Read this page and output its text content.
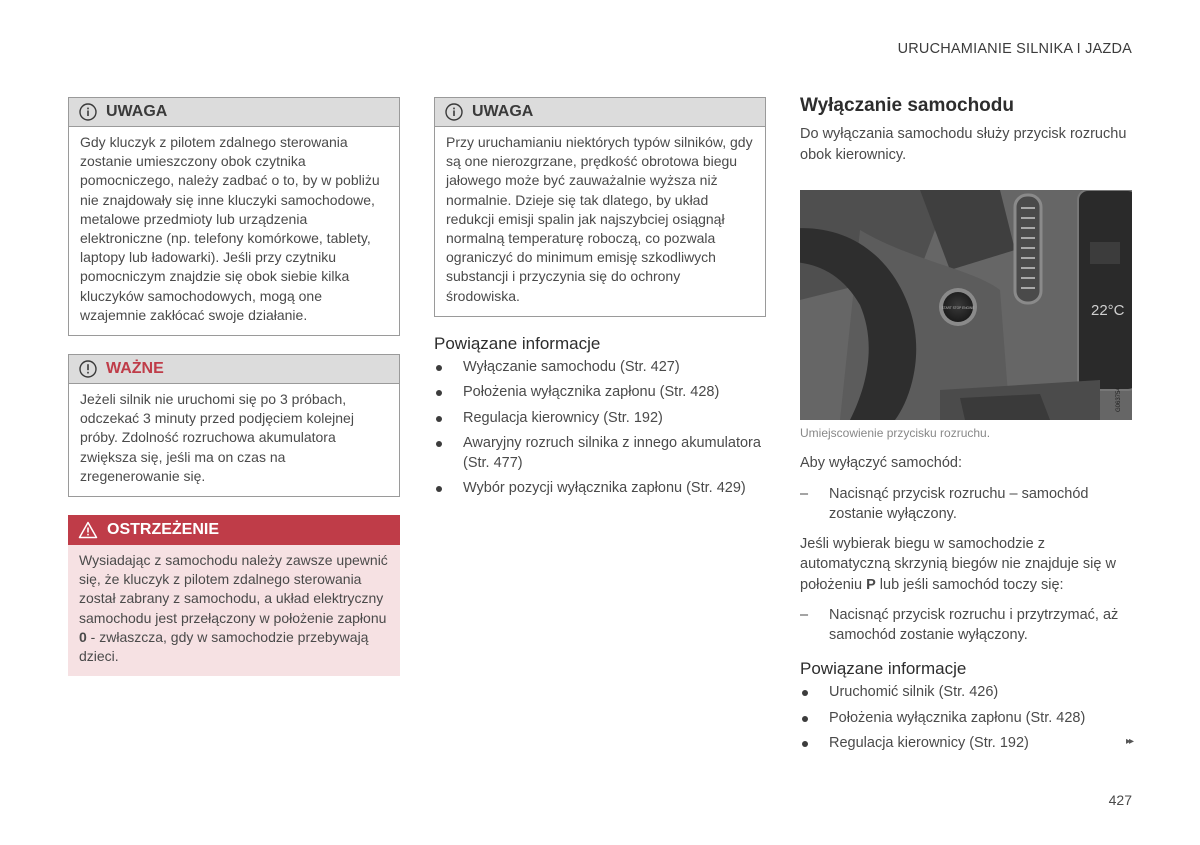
URUCHAMIANIE SILNIKA I JAZDA
UWAGA
Gdy kluczyk z pilotem zdalnego sterowania zostanie umieszczony obok czytnika pomocniczego, należy zadbać o to, by w pobliżu nie znajdowały się inne kluczyki samochodowe, metalowe przedmioty lub urządzenia elektroniczne (np. telefony komórkowe, tablety, laptopy lub ładowarki). Jeśli przy czytniku pomocniczym znajdzie się obok siebie kilka kluczyków samochodowych, mogą one wzajemnie zakłócać swoje działanie.
WAŻNE
Jeżeli silnik nie uruchomi się po 3 próbach, odczekać 3 minuty przed podjęciem kolejnej próby. Zdolność rozruchowa akumulatora zwiększa się, jeśli ma on czas na zregenerowanie się.
OSTRZEŻENIE
Wysiadając z samochodu należy zawsze upewnić się, że kluczyk z pilotem zdalnego sterowania został zabrany z samochodu, a układ elektryczny samochodu jest przełączony w położenie zapłonu 0 - zwłaszcza, gdy w samochodzie przebywają dzieci.
UWAGA
Przy uruchamianiu niektórych typów silników, gdy są one nierozgrzane, prędkość obrotowa biegu jałowego może być zauważalnie wyższa niż normalnie. Dzieje się tak dlatego, by układ redukcji emisji spalin jak najszybciej osiągnął normalną temperaturę roboczą, co pozwala ograniczyć do minimum emisję szkodliwych substancji i przyczynia się do ochrony środowiska.
Powiązane informacje
Wyłączanie samochodu (Str. 427)
Położenia wyłącznika zapłonu (Str. 428)
Regulacja kierownicy (Str. 192)
Awaryjny rozruch silnika z innego akumulatora (Str. 477)
Wybór pozycji wyłącznika zapłonu (Str. 429)
Wyłączanie samochodu

Do wyłączania samochodu służy przycisk rozruchu obok kierownicy.

22°C
START STOP ENGINE
G063754
Umiejscowienie przycisku rozruchu.

Aby wyłączyć samochód:

– Nacisnąć przycisk rozruchu – samochód zostanie wyłączony.

Jeśli wybierak biegu w samochodzie z automatyczną skrzynią biegów nie znajduje się w położeniu P lub jeśli samochód toczy się:

– Nacisnąć przycisk rozruchu i przytrzymać, aż samochód zostanie wyłączony.
Powiązane informacje
Uruchomić silnik (Str. 426)
Położenia wyłącznika zapłonu (Str. 428)
Regulacja kierownicy (Str. 192)	▸▸
427
